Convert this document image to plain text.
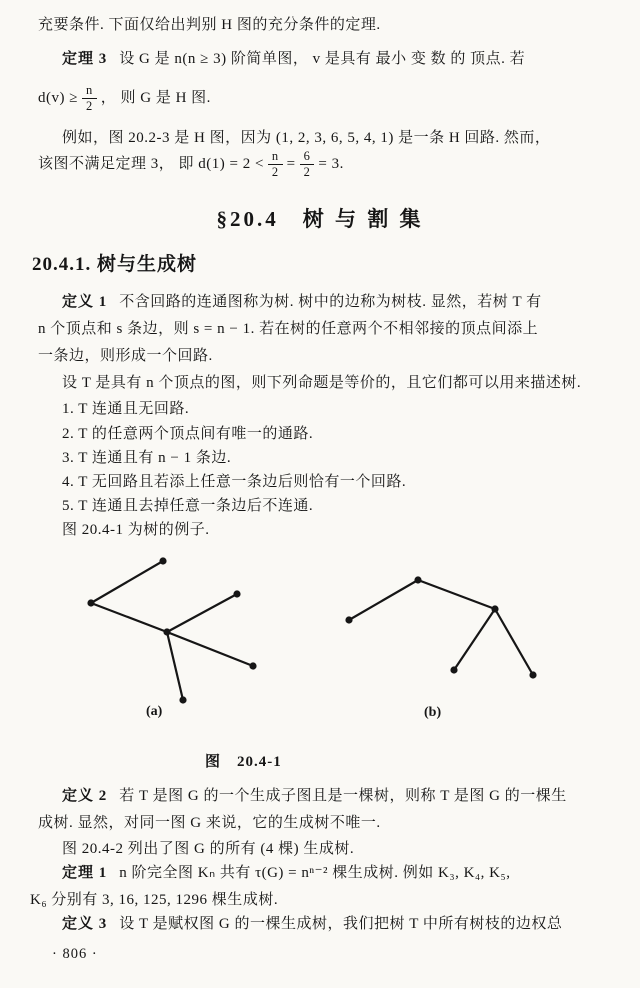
充要条件. 下面仅给出判别 H 图的充分条件的定理.
定理 3 设 G 是 n(n ≥ 3) 阶简单图， v 是具有 最小 变 数 的 顶点. 若
$d(v) \ge \frac{n}{2}$ ， 则 G 是 H 图.
例如，图 20.2-3 是 H 图，因为 (1, 2, 3, 6, 5, 4, 1) 是一条 H 回路. 然而，
该图不满足定理 3， 即 $d(1) = 2 < \frac{n}{2} = \frac{6}{2} = 3$.
§20.4　树 与 割 集
20.4.1. 树与生成树
定义 1 不含回路的连通图称为树. 树中的边称为树枝. 显然，若树 T 有
n 个顶点和 s 条边，则 s = n − 1. 若在树的任意两个不相邻接的顶点间添上
一条边，则形成一个回路.
设 T 是具有 n 个顶点的图，则下列命题是等价的，且它们都可以用来描述树.
1. T 连通且无回路.
2. T 的任意两个顶点间有唯一的通路.
3. T 连通且有 n − 1 条边.
4. T 无回路且若添上任意一条边后则恰有一个回路.
5. T 连通且去掉任意一条边后不连通.
图 20.4-1 为树的例子.
(a)	(b)
图　20.4-1
定义 2 若 T 是图 G 的一个生成子图且是一棵树，则称 T 是图 G 的一棵生
成树. 显然，对同一图 G 来说，它的生成树不唯一.
图 20.4-2 列出了图 G 的所有 (4 棵) 生成树.
定理 1 n 阶完全图 Kₙ 共有 τ(G) = nⁿ⁻² 棵生成树. 例如 K₃, K₄, K₅,
K₆ 分别有 3, 16, 125, 1296 棵生成树.
定义 3 设 T 是赋权图 G 的一棵生成树，我们把树 T 中所有树枝的边权总
· 806 ·
